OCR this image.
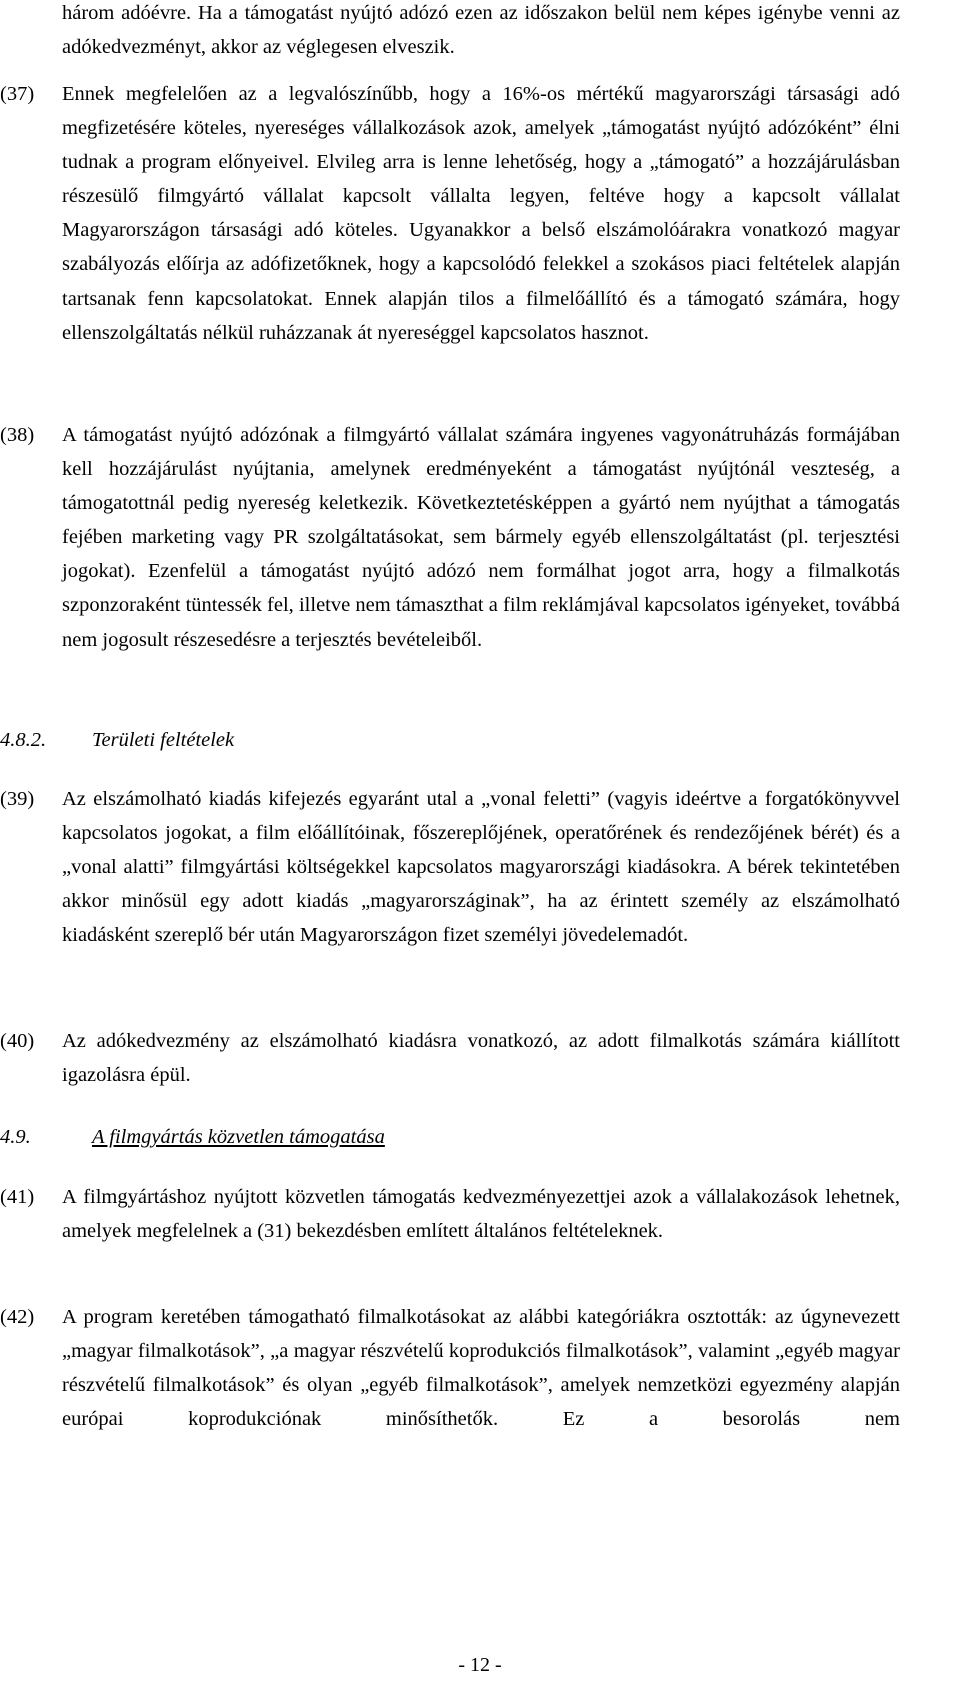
három adóévre. Ha a támogatást nyújtó adózó ezen az időszakon belül nem képes igénybe venni az adókedvezményt, akkor az véglegesen elveszik.

(37)	Ennek megfelelően az a legvalószínűbb, hogy a 16%-os mértékű magyarországi társasági adó megfizetésére köteles, nyereséges vállalkozások azok, amelyek „támogatást nyújtó adózóként” élni tudnak a program előnyeivel. Elvileg arra is lenne lehetőség, hogy a „támogató” a hozzájárulásban részesülő filmgyártó vállalat kapcsolt vállalta legyen, feltéve hogy a kapcsolt vállalat Magyarországon társasági adó köteles. Ugyanakkor a belső elszámolóárakra vonatkozó magyar szabályozás előírja az adófizetőknek, hogy a kapcsolódó felekkel a szokásos piaci feltételek alapján tartsanak fenn kapcsolatokat. Ennek alapján tilos a filmelőállító és a támogató számára, hogy ellenszolgáltatás nélkül ruházzanak át nyereséggel kapcsolatos hasznot.

(38)	A támogatást nyújtó adózónak a filmgyártó vállalat számára ingyenes vagyonátruházás formájában kell hozzájárulást nyújtania, amelynek eredményeként a támogatást nyújtónál veszteség, a támogatottnál pedig nyereség keletkezik. Következtetésképpen a gyártó nem nyújthat a támogatás fejében marketing vagy PR szolgáltatásokat, sem bármely egyéb ellenszolgáltatást (pl. terjesztési jogokat). Ezenfelül a támogatást nyújtó adózó nem formálhat jogot arra, hogy a filmalkotás szponzoraként tüntessék fel, illetve nem támaszthat a film reklámjával kapcsolatos igényeket, továbbá nem jogosult részesedésre a terjesztés bevételeiből.

4.8.2. Területi feltételek
(39)	Az elszámolható kiadás kifejezés egyaránt utal a „vonal feletti” (vagyis ideértve a forgatókönyvvel kapcsolatos jogokat, a film előállítóinak, főszereplőjének, operatőrének és rendezőjének bérét) és a „vonal alatti” filmgyártási költségekkel kapcsolatos magyarországi kiadásokra. A bérek tekintetében akkor minősül egy adott kiadás „magyarországinak”, ha az érintett személy az elszámolható kiadásként szereplő bér után Magyarországon fizet személyi jövedelemadót.

(40)	Az adókedvezmény az elszámolható kiadásra vonatkozó, az adott filmalkotás számára kiállított igazolásra épül.

4.9.	A filmgyártás közvetlen támogatása
(41)	A filmgyártáshoz nyújtott közvetlen támogatás kedvezményezettjei azok a vállalakozások lehetnek, amelyek megfelelnek a (31) bekezdésben említett általános feltételeknek.

(42)	A program keretében támogatható filmalkotásokat az alábbi kategóriákra osztották: az úgynevezett „magyar filmalkotások”, „a magyar részvételű koprodukciós filmalkotások”, valamint „egyéb magyar részvételű filmalkotások” és olyan „egyéb filmalkotások”, amelyek nemzetközi egyezmény alapján európai koprodukciónak minősíthetők. Ez a besorolás nem

- 12 -
